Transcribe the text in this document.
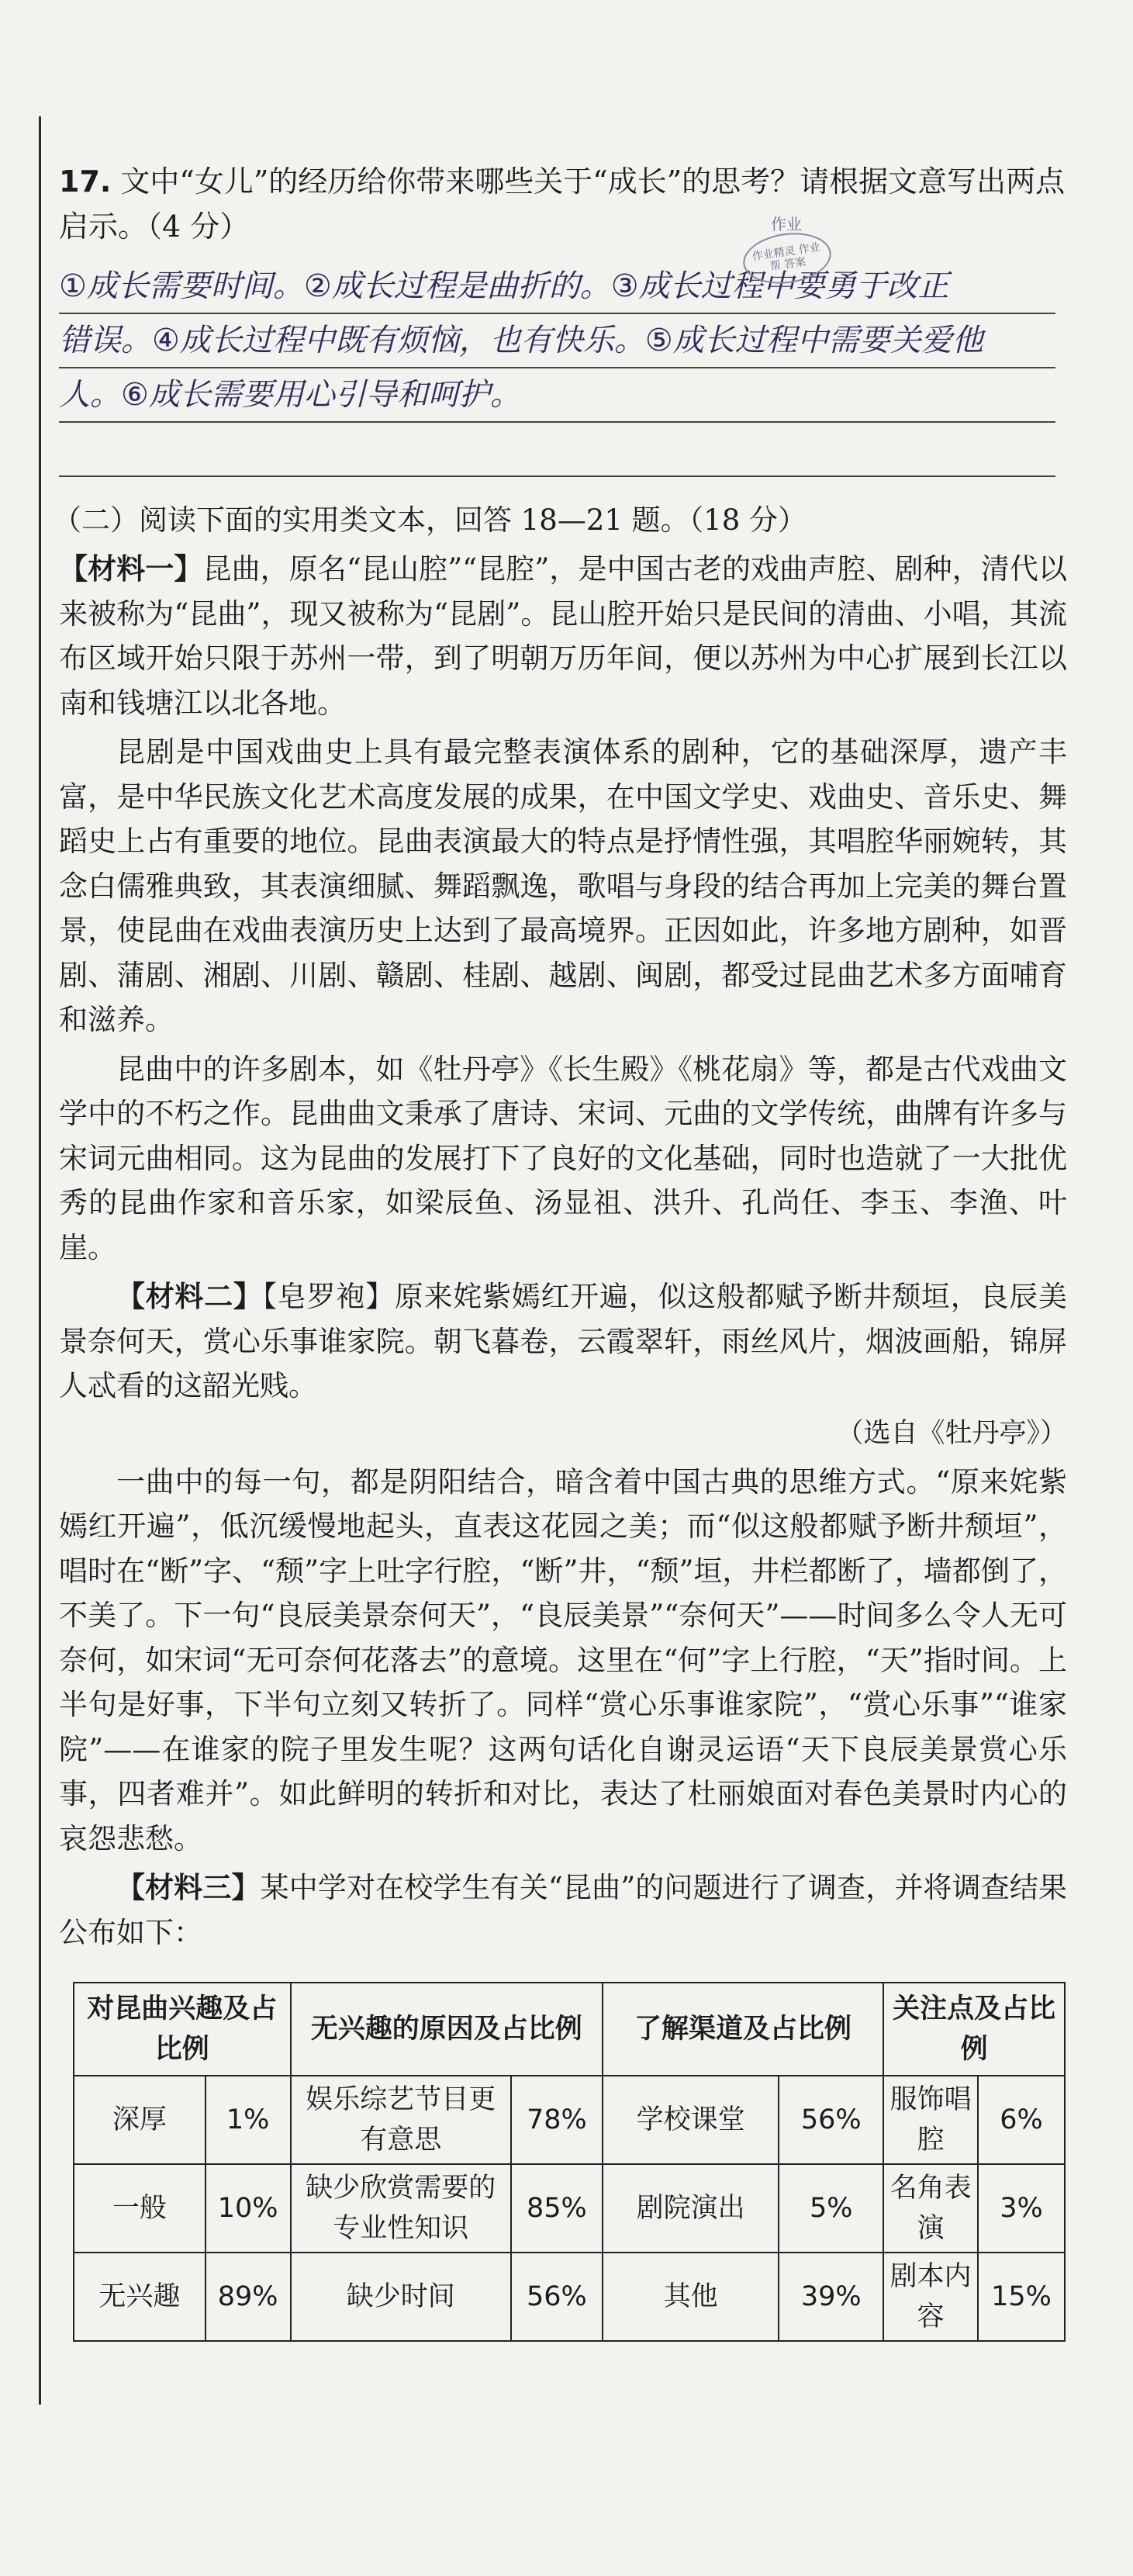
17. 文中“女儿”的经历给你带来哪些关于“成长”的思考？请根据文意写出两点启示。（4 分）	作业
作业精灵 作业帮 答案
①成长需要时间。②成长过程是曲折的。③成长过程中要勇于改正
错误。④成长过程中既有烦恼，也有快乐。⑤成长过程中需要关爱他
人。⑥成长需要用心引导和呵护。

（二）阅读下面的实用类文本，回答 18—21 题。（18 分）

【材料一】昆曲，原名“昆山腔”“昆腔”，是中国古老的戏曲声腔、剧种，清代以来被称为“昆曲”，现又被称为“昆剧”。昆山腔开始只是民间的清曲、小唱，其流布区域开始只限于苏州一带，到了明朝万历年间，便以苏州为中心扩展到长江以南和钱塘江以北各地。

昆剧是中国戏曲史上具有最完整表演体系的剧种，它的基础深厚，遗产丰富，是中华民族文化艺术高度发展的成果，在中国文学史、戏曲史、音乐史、舞蹈史上占有重要的地位。昆曲表演最大的特点是抒情性强，其唱腔华丽婉转，其念白儒雅典致，其表演细腻、舞蹈飘逸，歌唱与身段的结合再加上完美的舞台置景，使昆曲在戏曲表演历史上达到了最高境界。正因如此，许多地方剧种，如晋剧、蒲剧、湘剧、川剧、赣剧、桂剧、越剧、闽剧，都受过昆曲艺术多方面哺育和滋养。

昆曲中的许多剧本，如《牡丹亭》《长生殿》《桃花扇》等，都是古代戏曲文学中的不朽之作。昆曲曲文秉承了唐诗、宋词、元曲的文学传统，曲牌有许多与宋词元曲相同。这为昆曲的发展打下了良好的文化基础，同时也造就了一大批优秀的昆曲作家和音乐家，如梁辰鱼、汤显祖、洪升、孔尚任、李玉、李渔、叶崖。

【材料二】【皂罗袍】原来姹紫嫣红开遍，似这般都赋予断井颓垣，良辰美景奈何天，赏心乐事谁家院。朝飞暮卷，云霞翠轩，雨丝风片，烟波画船，锦屏人忒看的这韶光贱。

（选自《牡丹亭》）

一曲中的每一句，都是阴阳结合，暗含着中国古典的思维方式。“原来姹紫嫣红开遍”，低沉缓慢地起头，直表这花园之美；而“似这般都赋予断井颓垣”，唱时在“断”字、“颓”字上吐字行腔，“断”井，“颓”垣，井栏都断了，墙都倒了，不美了。下一句“良辰美景奈何天”，“良辰美景”“奈何天”——时间多么令人无可奈何，如宋词“无可奈何花落去”的意境。这里在“何”字上行腔，“天”指时间。上半句是好事，下半句立刻又转折了。同样“赏心乐事谁家院”，“赏心乐事”“谁家院”——在谁家的院子里发生呢？这两句话化自谢灵运语“天下良辰美景赏心乐事，四者难并”。如此鲜明的转折和对比，表达了杜丽娘面对春色美景时内心的哀怨悲愁。

【材料三】某中学对在校学生有关“昆曲”的问题进行了调查，并将调查结果公布如下：

对昆曲兴趣及占比例		无兴趣的原因及占比例		了解渠道及占比例		关注点及占比例	
深厚	1%	娱乐综艺节目更有意思	78%	学校课堂	56%	服饰唱腔	6%
一般	10%	缺少欣赏需要的专业性知识	85%	剧院演出	5%	名角表演	3%
无兴趣	89%	缺少时间	56%	其他	39%	剧本内容	15%
